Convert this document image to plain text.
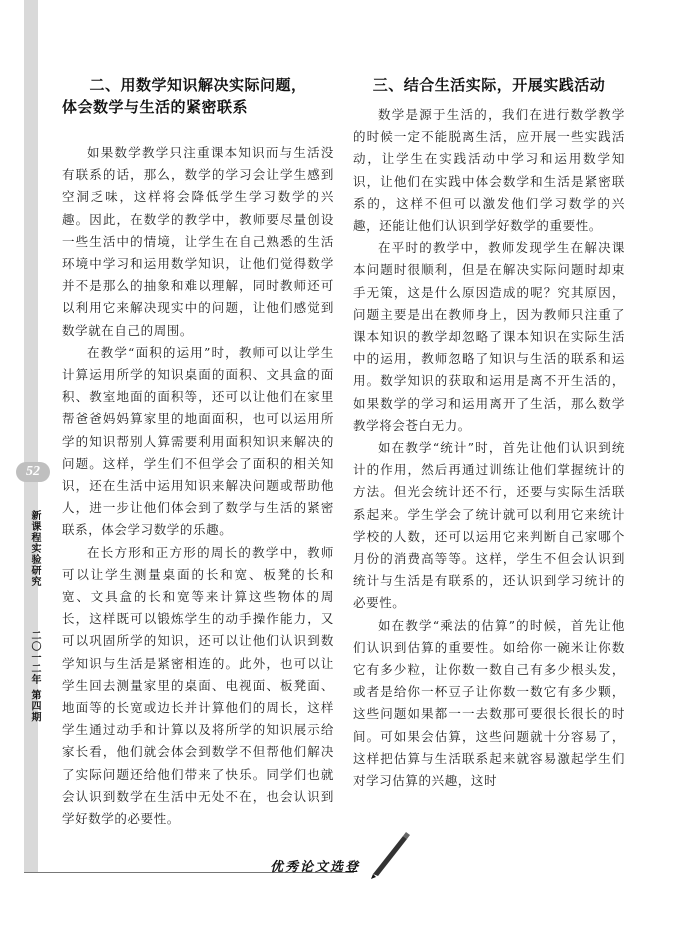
52
新课程实验研究
二〇一二年 第四期

二、用数学知识解决实际问题，

体会数学与生活的紧密联系

如果数学教学只注重课本知识而与生活没有联系的话，那么，数学的学习会让学生感到空洞乏味，这样将会降低学生学习数学的兴趣。因此，在数学的教学中，教师要尽量创设一些生活中的情境，让学生在自己熟悉的生活环境中学习和运用数学知识，让他们觉得数学并不是那么的抽象和难以理解，同时教师还可以利用它来解决现实中的问题，让他们感觉到数学就在自己的周围。

在教学“面积的运用”时，教师可以让学生计算运用所学的知识桌面的面积、文具盒的面积、教室地面的面积等，还可以让他们在家里帮爸爸妈妈算家里的地面面积，也可以运用所学的知识帮别人算需要利用面积知识来解决的问题。这样，学生们不但学会了面积的相关知识，还在生活中运用知识来解决问题或帮助他人，进一步让他们体会到了数学与生活的紧密联系，体会学习数学的乐趣。

在长方形和正方形的周长的教学中，教师可以让学生测量桌面的长和宽、板凳的长和宽、文具盒的长和宽等来计算这些物体的周长，这样既可以锻炼学生的动手操作能力，又可以巩固所学的知识，还可以让他们认识到数学知识与生活是紧密相连的。此外，也可以让学生回去测量家里的桌面、电视面、板凳面、地面等的长宽或边长并计算他们的周长，这样学生通过动手和计算以及将所学的知识展示给家长看，他们就会体会到数学不但帮他们解决了实际问题还给他们带来了快乐。同学们也就会认识到数学在生活中无处不在，也会认识到学好数学的必要性。

三、结合生活实际，开展实践活动

数学是源于生活的，我们在进行数学教学的时候一定不能脱离生活，应开展一些实践活动，让学生在实践活动中学习和运用数学知识，让他们在实践中体会数学和生活是紧密联系的，这样不但可以激发他们学习数学的兴趣，还能让他们认识到学好数学的重要性。

在平时的教学中，教师发现学生在解决课本问题时很顺利，但是在解决实际问题时却束手无策，这是什么原因造成的呢？究其原因，问题主要是出在教师身上，因为教师只注重了课本知识的教学却忽略了课本知识在实际生活中的运用，教师忽略了知识与生活的联系和运用。数学知识的获取和运用是离不开生活的，如果数学的学习和运用离开了生活，那么数学教学将会苍白无力。

如在教学“统计”时，首先让他们认识到统计的作用，然后再通过训练让他们掌握统计的方法。但光会统计还不行，还要与实际生活联系起来。学生学会了统计就可以利用它来统计学校的人数，还可以运用它来判断自己家哪个月份的消费高等等。这样，学生不但会认识到统计与生活是有联系的，还认识到学习统计的必要性。

如在教学“乘法的估算”的时候，首先让他们认识到估算的重要性。如给你一碗米让你数它有多少粒，让你数一数自己有多少根头发，或者是给你一杯豆子让你数一数它有多少颗，这些问题如果都一一去数那可要很长很长的时间。可如果会估算，这些问题就十分容易了，这样把估算与生活联系起来就容易激起学生们对学习估算的兴趣，这时

优秀论文选登
